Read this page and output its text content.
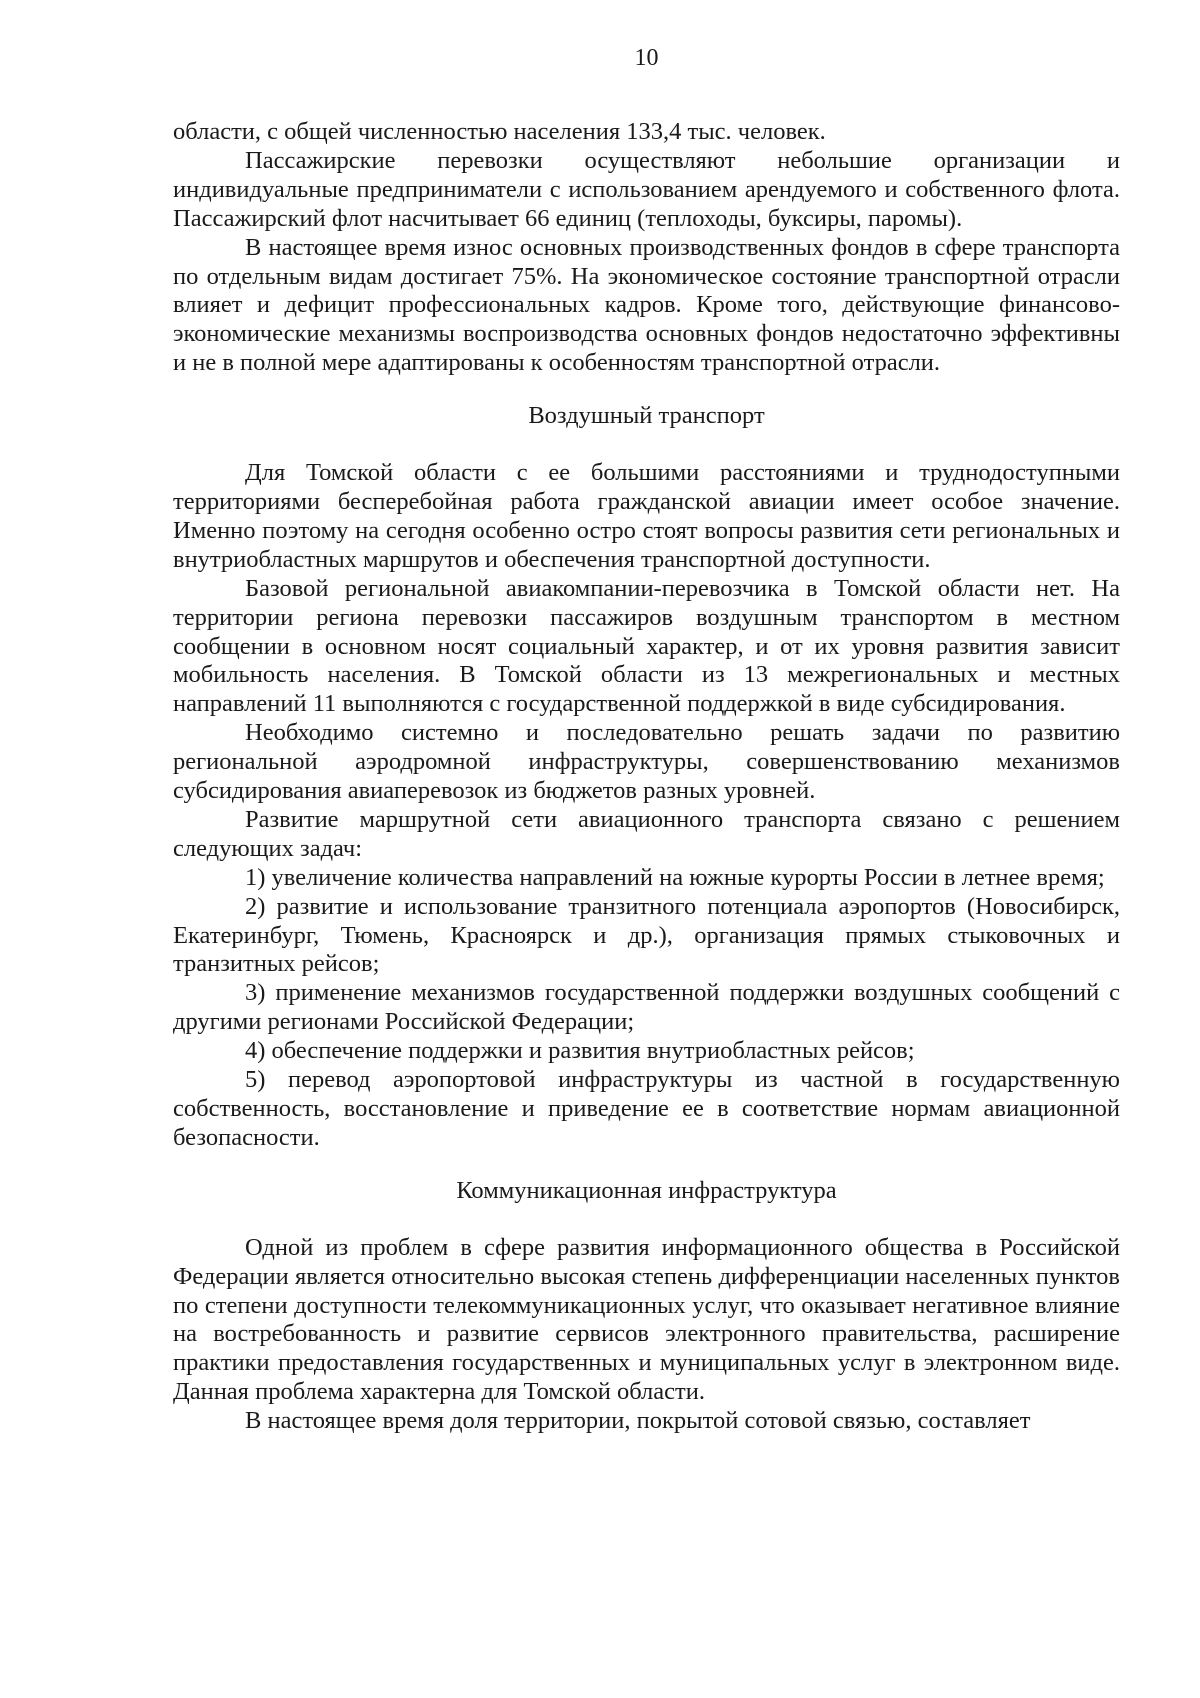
10

области, с общей численностью населения 133,4 тыс. человек.

Пассажирские перевозки осуществляют небольшие организации и индивидуальные предприниматели с использованием арендуемого и собственного флота. Пассажирский флот насчитывает 66 единиц (теплоходы, буксиры, паромы).

В настоящее время износ основных производственных фондов в сфере транспорта по отдельным видам достигает 75%. На экономическое состояние транспортной отрасли влияет и дефицит профессиональных кадров. Кроме того, действующие финансово-экономические механизмы воспроизводства основных фондов недостаточно эффективны и не в полной мере адаптированы к особенностям транспортной отрасли.

Воздушный транспорт

Для Томской области с ее большими расстояниями и труднодоступными территориями бесперебойная работа гражданской авиации имеет особое значение. Именно поэтому на сегодня особенно остро стоят вопросы развития сети региональных и внутриобластных маршрутов и обеспечения транспортной доступности.

Базовой региональной авиакомпании-перевозчика в Томской области нет. На территории региона перевозки пассажиров воздушным транспортом в местном сообщении в основном носят социальный характер, и от их уровня развития зависит мобильность населения. В Томской области из 13 межрегиональных и местных направлений 11 выполняются с государственной поддержкой в виде субсидирования.

Необходимо системно и последовательно решать задачи по развитию региональной аэродромной инфраструктуры, совершенствованию механизмов субсидирования авиаперевозок из бюджетов разных уровней.

Развитие маршрутной сети авиационного транспорта связано с решением следующих задач:

1) увеличение количества направлений на южные курорты России в летнее время;

2) развитие и использование транзитного потенциала аэропортов (Новосибирск, Екатеринбург, Тюмень, Красноярск и др.), организация прямых стыковочных и транзитных рейсов;

3) применение механизмов государственной поддержки воздушных сообщений с другими регионами Российской Федерации;

4) обеспечение поддержки и развития внутриобластных рейсов;

5) перевод аэропортовой инфраструктуры из частной в государственную собственность, восстановление и приведение ее в соответствие нормам авиационной безопасности.

Коммуникационная инфраструктура

Одной из проблем в сфере развития информационного общества в Российской Федерации является относительно высокая степень дифференциации населенных пунктов по степени доступности телекоммуникационных услуг, что оказывает негативное влияние на востребованность и развитие сервисов электронного правительства, расширение практики предоставления государственных и муниципальных услуг в электронном виде. Данная проблема характерна для Томской области.

В настоящее время доля территории, покрытой сотовой связью, составляет
